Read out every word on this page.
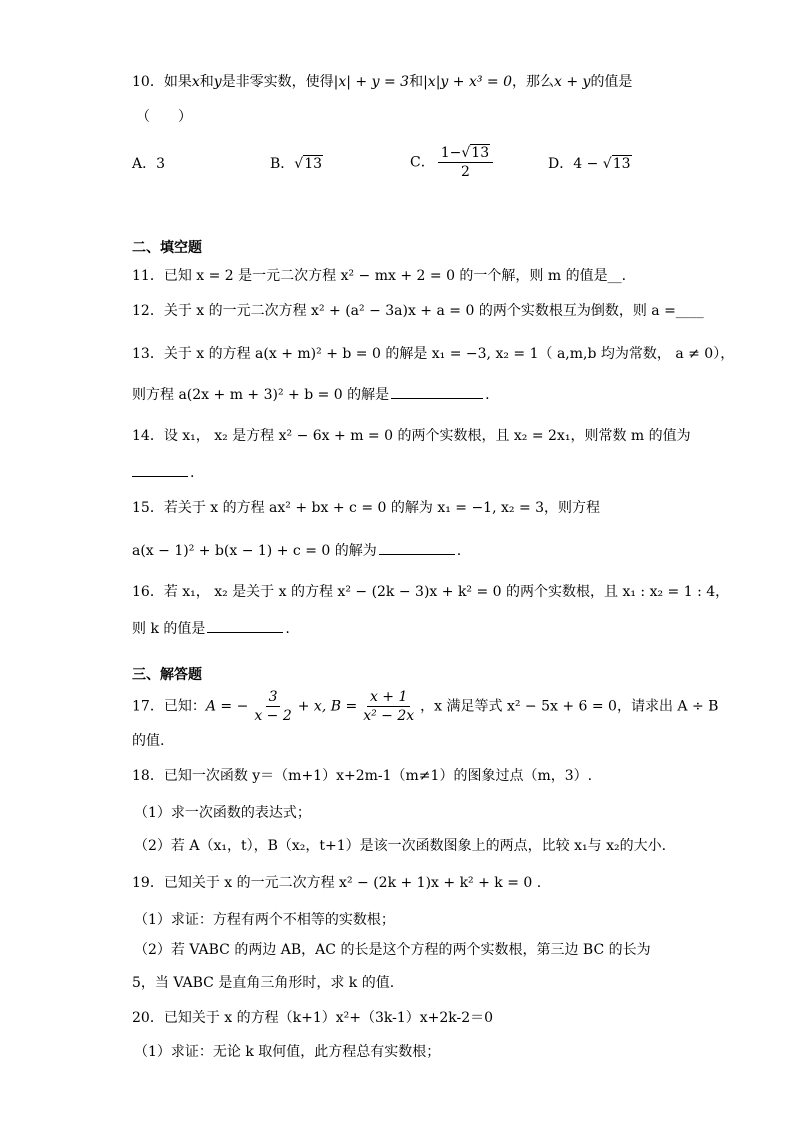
10．如果x和y是非零实数，使得|x| + y = 3和|x|y + x³ = 0，那么x + y的值是
（　　）
A．3	B．√13	C． $\frac{1-√13}{2}$	D．4 − √13
二、填空题
11．已知 x = 2 是一元二次方程 x² − mx + 2 = 0 的一个解，则 m 的值是__.
12．关于 x 的一元二次方程 x² + (a² − 3a)x + a = 0 的两个实数根互为倒数，则 a =____
13．关于 x 的方程 a(x + m)² + b = 0 的解是 x₁ = −3, x₂ = 1（ a,m,b 均为常数， a ≠ 0），
则方程 a(2x + m + 3)² + b = 0 的解是	.
14．设 x₁， x₂ 是方程 x² − 6x + m = 0 的两个实数根，且 x₂ = 2x₁，则常数 m 的值为
.
15．若关于 x 的方程 ax² + bx + c = 0 的解为 x₁ = −1, x₂ = 3，则方程
a(x − 1)² + b(x − 1) + c = 0 的解为	.
16．若 x₁， x₂ 是关于 x 的方程 x² − (2k − 3)x + k² = 0 的两个实数根，且 x₁ : x₂ = 1 : 4，
则 k 的值是	.
三、解答题
17．已知：A = − $\frac{3}{x - 2} + x$, $B = \frac{x + 1}{\text{x² − 2x}}$ ，x 满足等式 x² − 5x + 6 = 0，请求出 A ÷ B
的值.
18．已知一次函数 y＝（m+1）x+2m-1（m≠1）的图象过点（m，3）.
（1）求一次函数的表达式；
（2）若 A（x₁，t），B（x₂，t+1）是该一次函数图象上的两点，比较 x₁与 x₂的大小.
19．已知关于 x 的一元二次方程 x² − (2k + 1)x + k² + k = 0 .
（1）求证：方程有两个不相等的实数根；
（2）若 VABC 的两边 AB，AC 的长是这个方程的两个实数根，第三边 BC 的长为
5，当 VABC 是直角三角形时，求 k 的值.
20．已知关于 x 的方程（k+1）x²+（3k-1）x+2k-2＝0
（1）求证：无论 k 取何值，此方程总有实数根；
